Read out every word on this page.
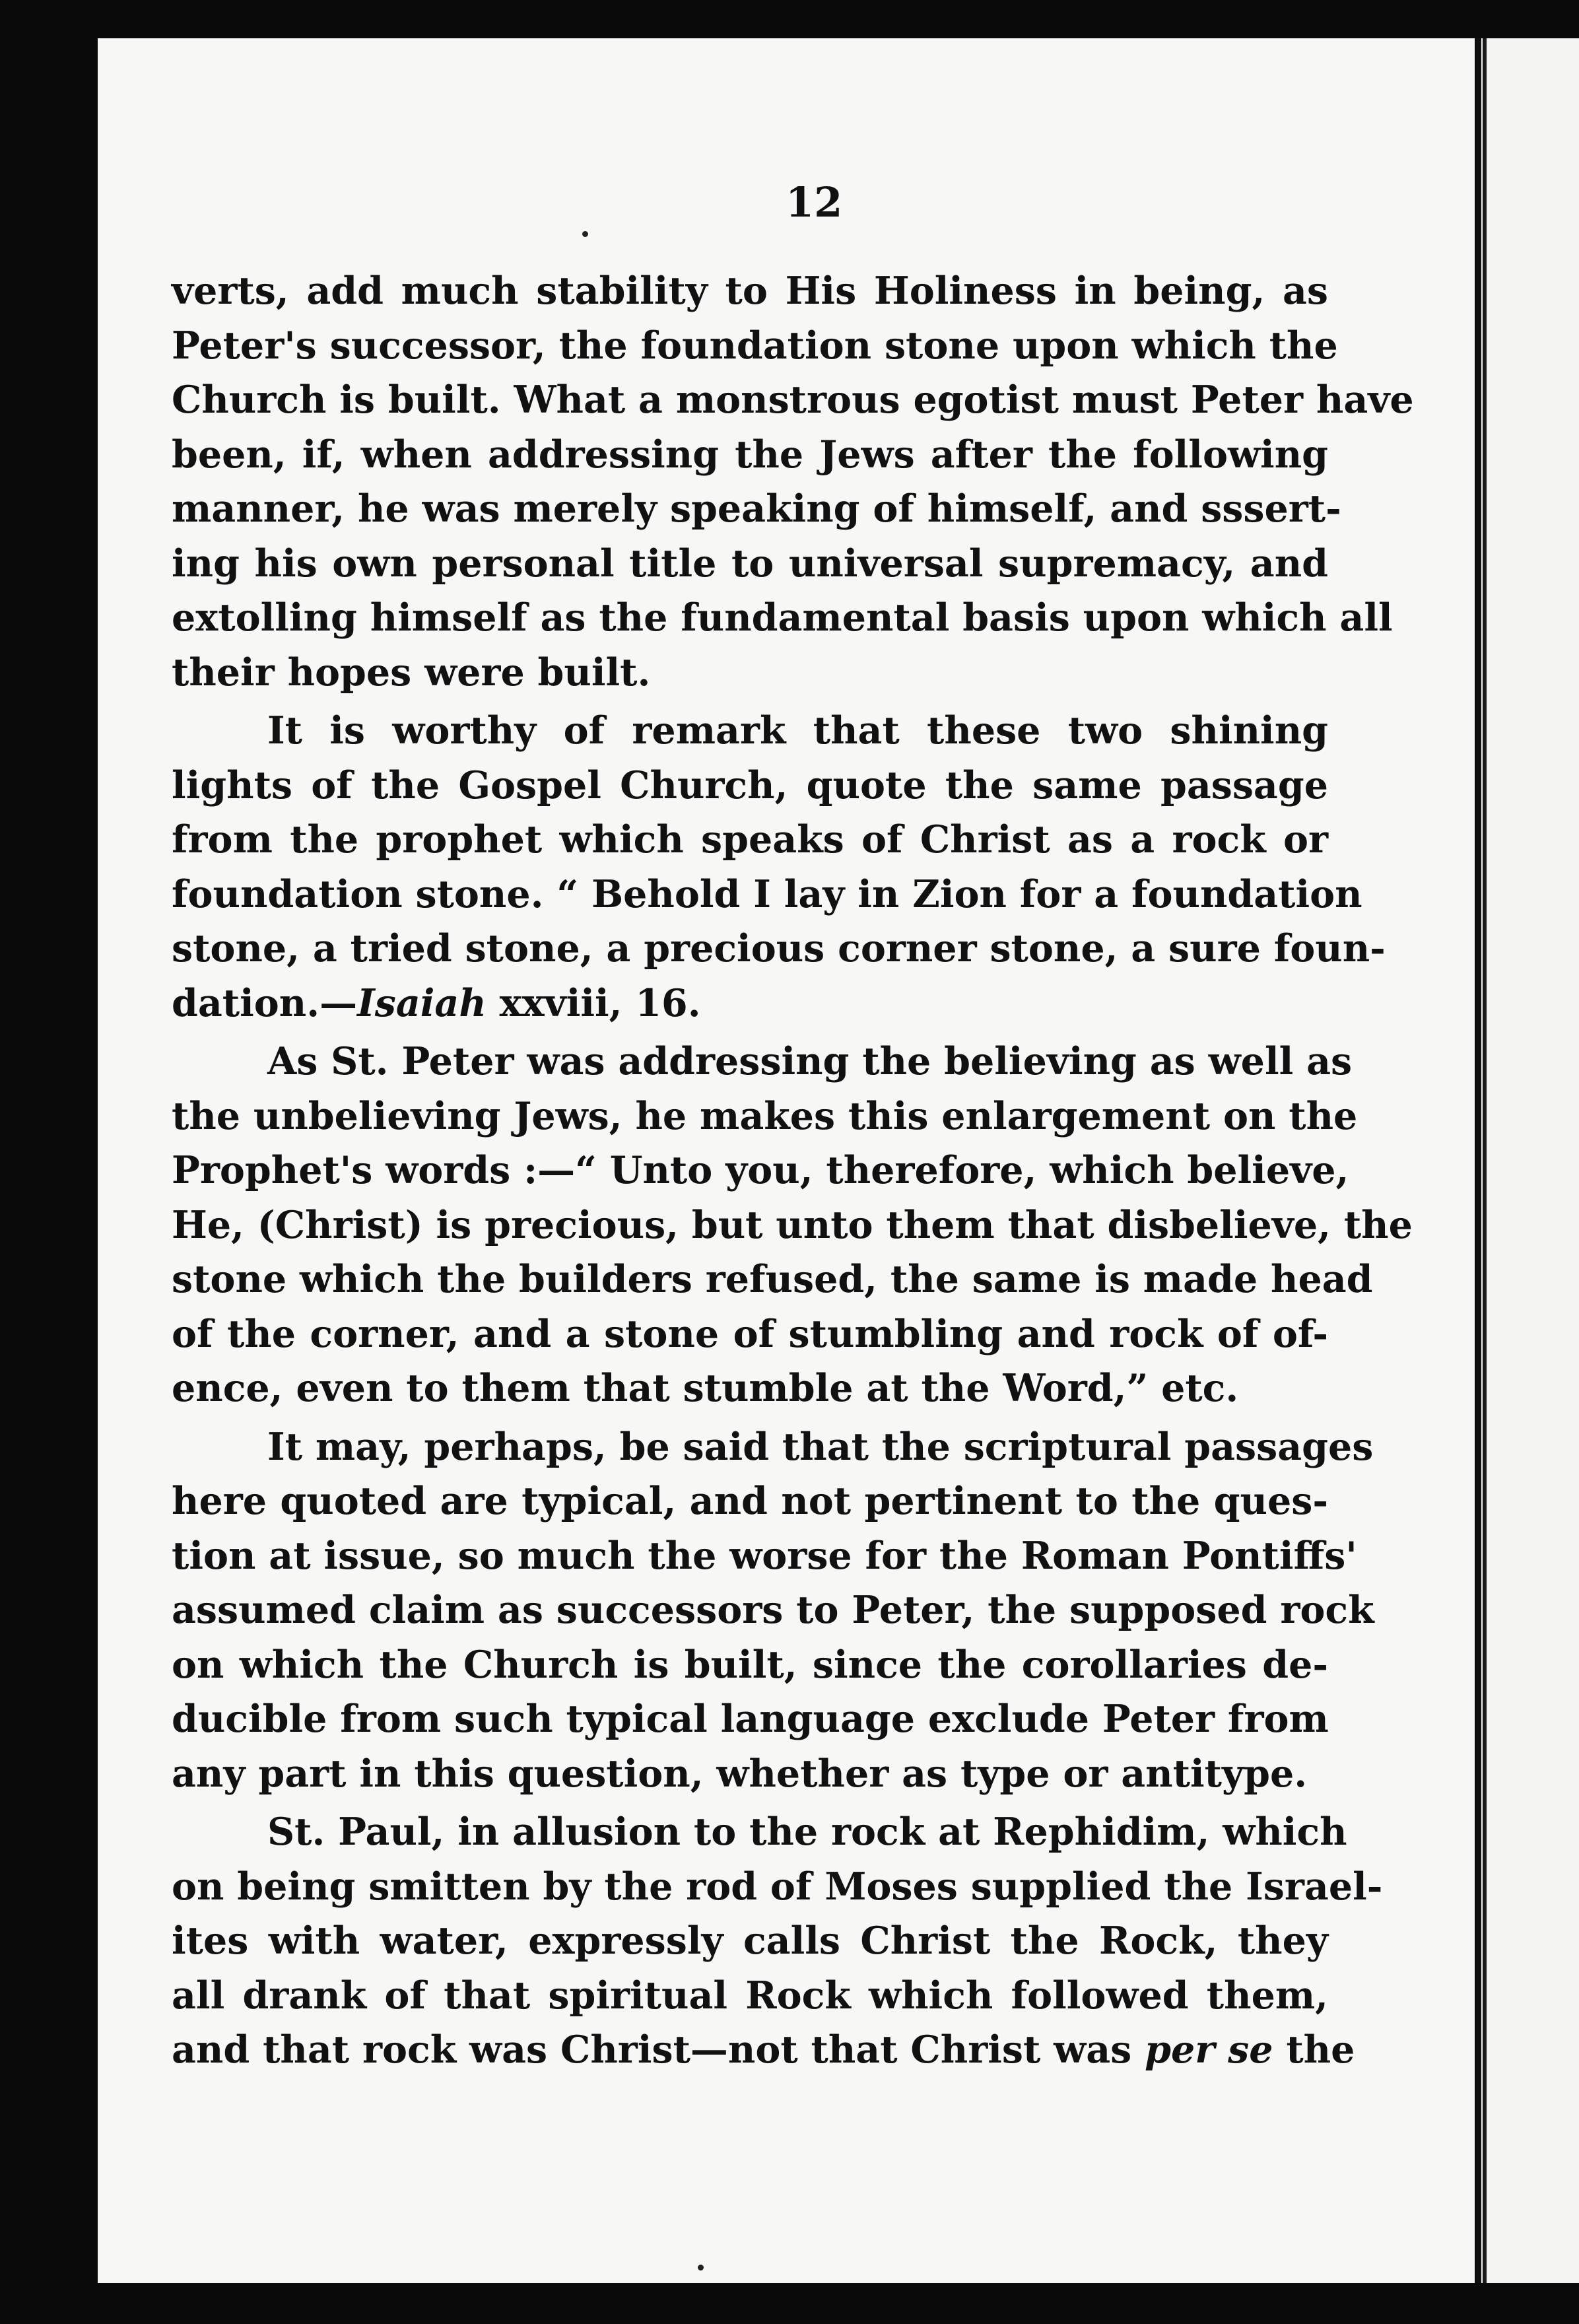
12
verts, add much stability to His Holiness in being, as
Peter's successor, the foundation stone upon which the
Church is built. What a monstrous egotist must Peter have
been, if, when addressing the Jews after the following
manner, he was merely speaking of himself, and sssert-
ing his own personal title to universal supremacy, and
extolling himself as the fundamental basis upon which all
their hopes were built.
It is worthy of remark that these two shining
lights of the Gospel Church, quote the same passage
from the prophet which speaks of Christ as a rock or
foundation stone. “ Behold I lay in Zion for a foundation
stone, a tried stone, a precious corner stone, a sure foun-
dation.—Isaiah xxviii, 16.
As St. Peter was addressing the believing as well as
the unbelieving Jews, he makes this enlargement on the
Prophet's words :—“ Unto you, therefore, which believe,
He, (Christ) is precious, but unto them that disbelieve, the
stone which the builders refused, the same is made head
of the corner, and a stone of stumbling and rock of of-
ence, even to them that stumble at the Word,” etc.
It may, perhaps, be said that the scriptural passages
here quoted are typical, and not pertinent to the ques-
tion at issue, so much the worse for the Roman Pontiffs'
assumed claim as successors to Peter, the supposed rock
on which the Church is built, since the corollaries de-
ducible from such typical language exclude Peter from
any part in this question, whether as type or antitype.
St. Paul, in allusion to the rock at Rephidim, which
on being smitten by the rod of Moses supplied the Israel-
ites with water, expressly calls Christ the Rock, they
all drank of that spiritual Rock which followed them,
and that rock was Christ—not that Christ was per se the
